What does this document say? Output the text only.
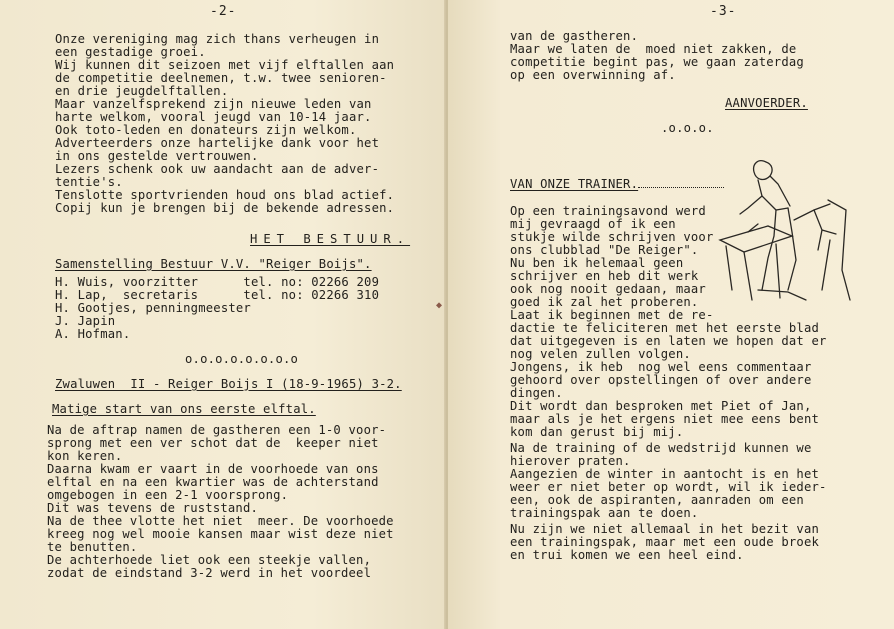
-2-
Onze vereniging mag zich thans verheugen in
een gestadige groei.
Wij kunnen dit seizoen met vijf elftallen aan
de competitie deelnemen, t.w. twee senioren-
en drie jeugdelftallen.
Maar vanzelfsprekend zijn nieuwe leden van
harte welkom, vooral jeugd van 10-14 jaar.
Ook toto-leden en donateurs zijn welkom.
Adverteerders onze hartelijke dank voor het
in ons gestelde vertrouwen.
Lezers schenk ook uw aandacht aan de adver-
tentie's.
Tenslotte sportvrienden houd ons blad actief.
Copij kun je brengen bij de bekende adressen.
HET BESTUUR.
Samenstelling Bestuur V.V. "Reiger Boijs".
H. Wuis, voorzitter      tel. no: 02266 209
H. Lap,  secretaris      tel. no: 02266 310
H. Gootjes, penningmeester
J. Japin
A. Hofman.
o.o.o.o.o.o.o.o
Zwaluwen  II - Reiger Boijs I (18-9-1965) 3-2.
Matige start van ons eerste elftal.
Na de aftrap namen de gastheren een 1-0 voor-
sprong met een ver schot dat de  keeper niet
kon keren.
Daarna kwam er vaart in de voorhoede van ons
elftal en na een kwartier was de achterstand
omgebogen in een 2-1 voorsprong.
Dit was tevens de ruststand.
Na de thee vlotte het niet  meer. De voorhoede
kreeg nog wel mooie kansen maar wist deze niet
te benutten.
De achterhoede liet ook een steekje vallen,
zodat de eindstand 3-2 werd in het voordeel
◆
-3-
van de gastheren.
Maar we laten de  moed niet zakken, de
competitie begint pas, we gaan zaterdag
op een overwinning af.
AANVOERDER.
.o.o.o.
VAN ONZE TRAINER.
Op een trainingsavond werd
mij gevraagd of ik een
stukje wilde schrijven voor
ons clubblad "De Reiger".
Nu ben ik helemaal geen
schrijver en heb dit werk
ook nog nooit gedaan, maar
goed ik zal het proberen.
Laat ik beginnen met de re-
dactie te feliciteren met het eerste blad
dat uitgegeven is en laten we hopen dat er
nog velen zullen volgen.
Jongens, ik heb  nog wel eens commentaar
gehoord over opstellingen of over andere
dingen.
Dit wordt dan besproken met Piet of Jan,
maar als je het ergens niet mee eens bent
kom dan gerust bij mij.
Na de training of de wedstrijd kunnen we
hierover praten.
Aangezien de winter in aantocht is en het
weer er niet beter op wordt, wil ik ieder-
een, ook de aspiranten, aanraden om een
trainingspak aan te doen.
Nu zijn we niet allemaal in het bezit van
een trainingspak, maar met een oude broek
en trui komen we een heel eind.
